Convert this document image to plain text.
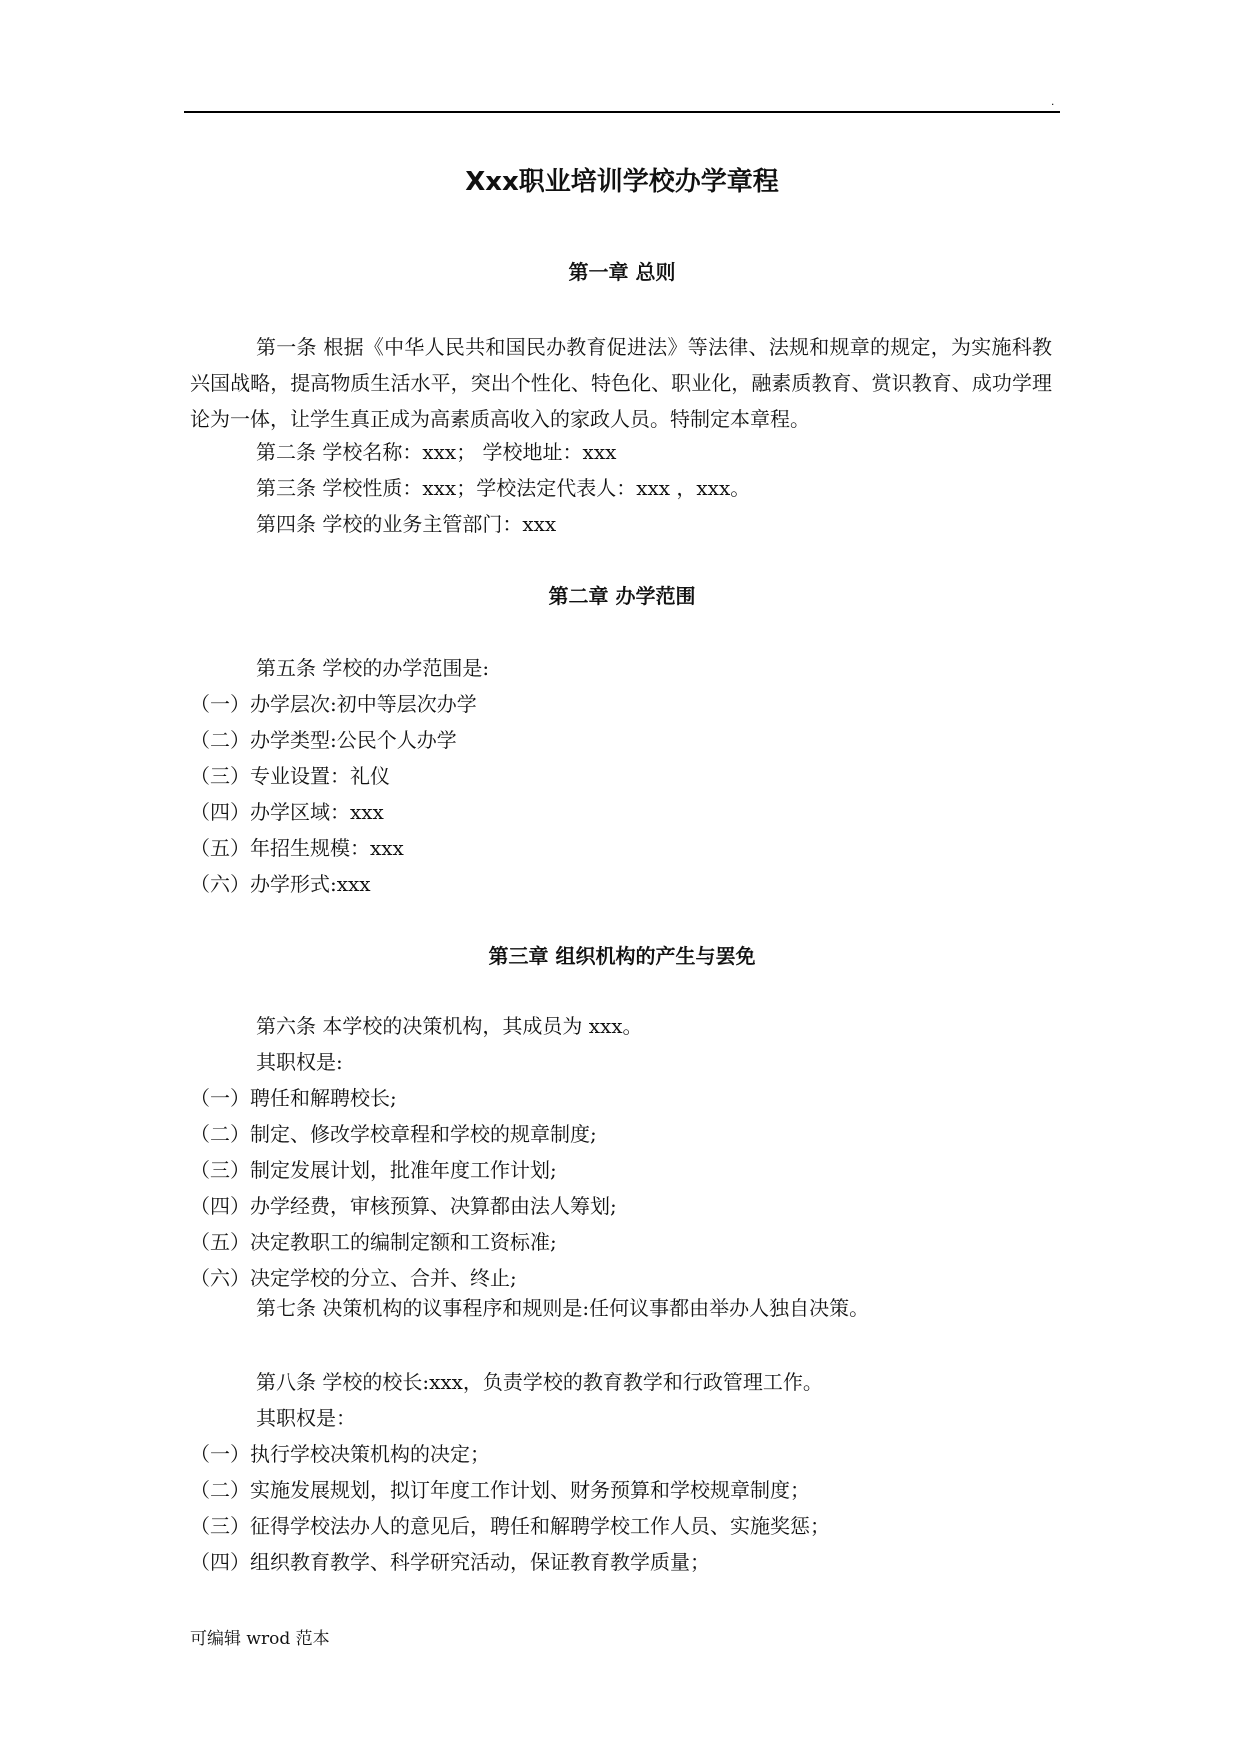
.
Xxx职业培训学校办学章程
第一章 总则

第一条 根据《中华人民共和国民办教育促进法》等法律、法规和规章的规定，为实施科教兴国战略，提高物质生活水平，突出个性化、特色化、职业化，融素质教育、赏识教育、成功学理论为一体，让学生真正成为高素质高收入的家政人员。特制定本章程。

第二条 学校名称：xxx； 学校地址：xxx

第三条 学校性质：xxx；学校法定代表人：xxx ，xxx。

第四条 学校的业务主管部门：xxx

第二章 办学范围

第五条 学校的办学范围是:

（一）办学层次:初中等层次办学

（二）办学类型:公民个人办学

（三）专业设置：礼仪

（四）办学区域：xxx

（五）年招生规模：xxx

（六）办学形式:xxx

第三章 组织机构的产生与罢免

第六条 本学校的决策机构，其成员为 xxx。

其职权是:

（一）聘任和解聘校长;

（二）制定、修改学校章程和学校的规章制度;

（三）制定发展计划，批准年度工作计划;

（四）办学经费，审核预算、决算都由法人筹划;

（五）决定教职工的编制定额和工资标准;

（六）决定学校的分立、合并、终止;

第七条 决策机构的议事程序和规则是:任何议事都由举办人独自决策。

第八条 学校的校长:xxx，负责学校的教育教学和行政管理工作。

其职权是：

（一）执行学校决策机构的决定；

（二）实施发展规划，拟订年度工作计划、财务预算和学校规章制度；

（三）征得学校法办人的意见后，聘任和解聘学校工作人员、实施奖惩；

（四）组织教育教学、科学研究活动，保证教育教学质量；

可编辑 wrod 范本
